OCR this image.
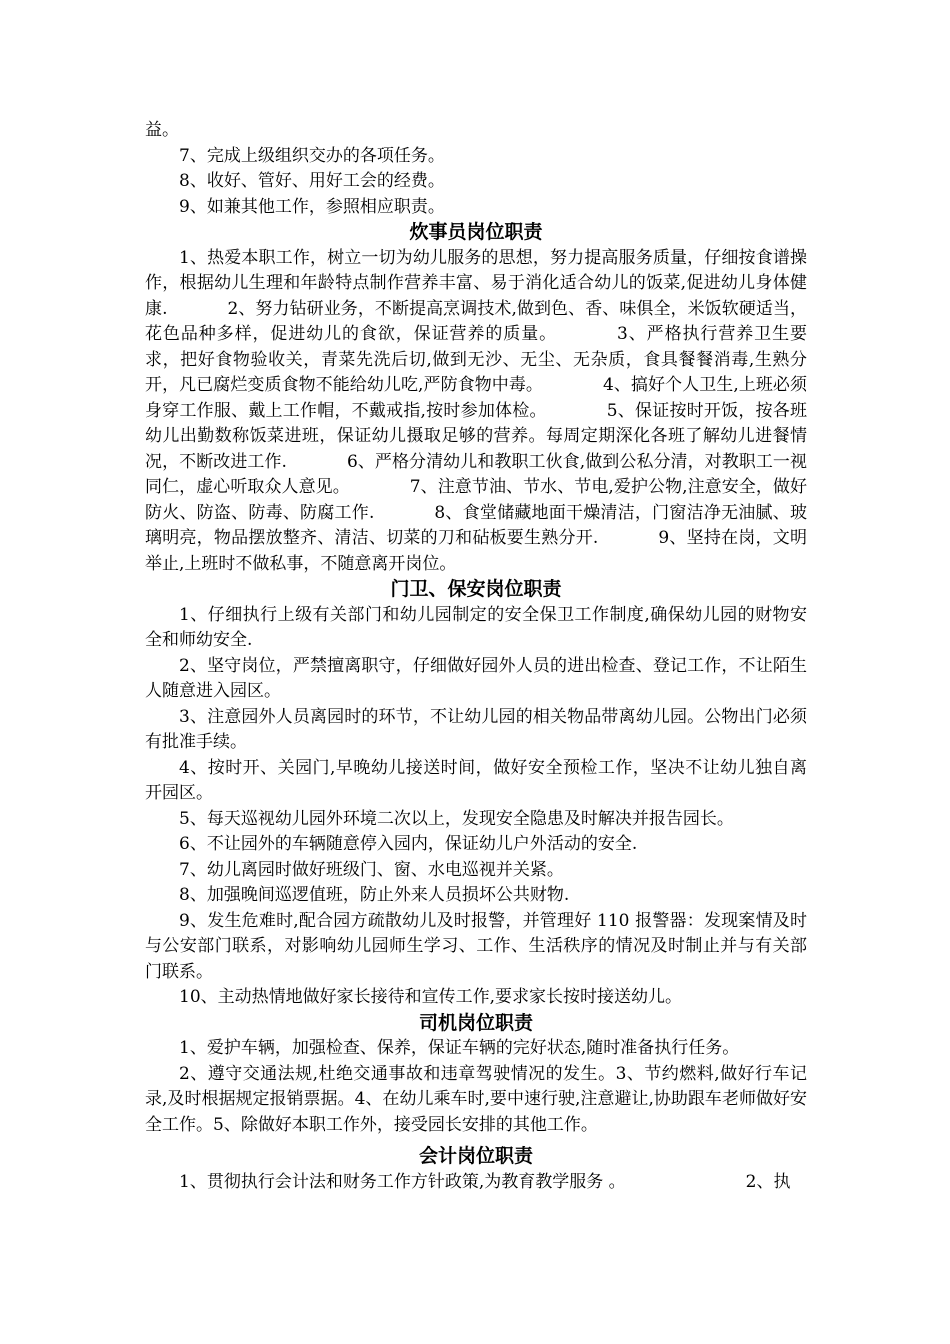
益。

7、完成上级组织交办的各项任务。

8、收好、管好、用好工会的经费。

9、如兼其他工作，参照相应职责。

炊事员岗位职责

1、热爱本职工作，树立一切为幼儿服务的思想，努力提高服务质量，仔细按食谱操作，根据幼儿生理和年龄特点制作营养丰富、易于消化适合幼儿的饭菜,促进幼儿身体健康.	2、努力钻研业务，不断提高烹调技术,做到色、香、味俱全，米饭软硬适当，花色品种多样，促进幼儿的食欲，保证营养的质量。	3、严格执行营养卫生要求，把好食物验收关，青菜先洗后切,做到无沙、无尘、无杂质，食具餐餐消毒,生熟分开，凡已腐烂变质食物不能给幼儿吃,严防食物中毒。	4、搞好个人卫生,上班必须身穿工作服、戴上工作帽，不戴戒指,按时参加体检。	5、保证按时开饭，按各班幼儿出勤数称饭菜进班，保证幼儿摄取足够的营养。每周定期深化各班了解幼儿进餐情况，不断改进工作.	6、严格分清幼儿和教职工伙食,做到公私分清，对教职工一视同仁，虚心听取众人意见。	7、注意节油、节水、节电,爱护公物,注意安全，做好防火、防盗、防毒、防腐工作.	8、食堂储藏地面干燥清洁，门窗洁净无油腻、玻璃明亮，物品摆放整齐、清洁、切菜的刀和砧板要生熟分开.	9、坚持在岗，文明举止,上班时不做私事，不随意离开岗位。

门卫、保安岗位职责

1、仔细执行上级有关部门和幼儿园制定的安全保卫工作制度,确保幼儿园的财物安全和师幼安全.

2、坚守岗位，严禁擅离职守，仔细做好园外人员的进出检查、登记工作，不让陌生人随意进入园区。

3、注意园外人员离园时的环节，不让幼儿园的相关物品带离幼儿园。公物出门必须有批准手续。

4、按时开、关园门,早晚幼儿接送时间，做好安全预检工作，坚决不让幼儿独自离开园区。

5、每天巡视幼儿园外环境二次以上，发现安全隐患及时解决并报告园长。

6、不让园外的车辆随意停入园内，保证幼儿户外活动的安全.

7、幼儿离园时做好班级门、窗、水电巡视并关紧。

8、加强晚间巡逻值班，防止外来人员损坏公共财物.

9、发生危难时,配合园方疏散幼儿及时报警，并管理好 110 报警器：发现案情及时与公安部门联系，对影响幼儿园师生学习、工作、生活秩序的情况及时制止并与有关部门联系。

10、主动热情地做好家长接待和宣传工作,要求家长按时接送幼儿。

司机岗位职责

1、爱护车辆，加强检查、保养，保证车辆的完好状态,随时准备执行任务。

2、遵守交通法规,杜绝交通事故和违章驾驶情况的发生。3、节约燃料,做好行车记录,及时根据规定报销票据。4、在幼儿乘车时,要中速行驶,注意避让,协助跟车老师做好安全工作。5、除做好本职工作外，接受园长安排的其他工作。

会计岗位职责

1、贯彻执行会计法和财务工作方针政策,为教育教学服务 。	2、执
